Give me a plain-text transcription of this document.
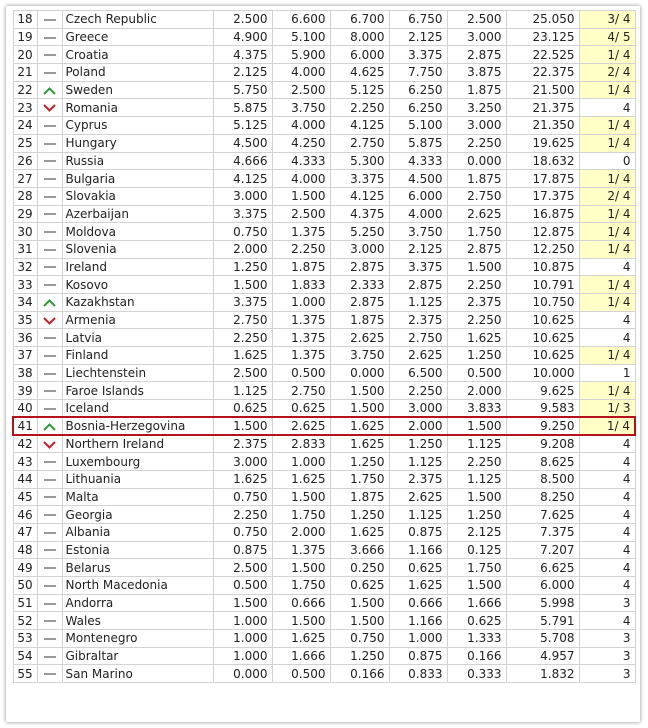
18		Czech Republic	2.500	6.600	6.700	6.750	2.500	25.050	3/ 4
19		Greece	4.900	5.100	8.000	2.125	3.000	23.125	4/ 5
20		Croatia	4.375	5.900	6.000	3.375	2.875	22.525	1/ 4
21		Poland	2.125	4.000	4.625	7.750	3.875	22.375	2/ 4
22		Sweden	5.750	2.500	5.125	6.250	1.875	21.500	1/ 4
23		Romania	5.875	3.750	2.250	6.250	3.250	21.375	4
24		Cyprus	5.125	4.000	4.125	5.100	3.000	21.350	1/ 4
25		Hungary	4.500	4.250	2.750	5.875	2.250	19.625	1/ 4
26		Russia	4.666	4.333	5.300	4.333	0.000	18.632	0
27		Bulgaria	4.125	4.000	3.375	4.500	1.875	17.875	1/ 4
28		Slovakia	3.000	1.500	4.125	6.000	2.750	17.375	2/ 4
29		Azerbaijan	3.375	2.500	4.375	4.000	2.625	16.875	1/ 4
30		Moldova	0.750	1.375	5.250	3.750	1.750	12.875	1/ 4
31		Slovenia	2.000	2.250	3.000	2.125	2.875	12.250	1/ 4
32		Ireland	1.250	1.875	2.875	3.375	1.500	10.875	4
33		Kosovo	1.500	1.833	2.333	2.875	2.250	10.791	1/ 4
34		Kazakhstan	3.375	1.000	2.875	1.125	2.375	10.750	1/ 4
35		Armenia	2.750	1.375	1.875	2.375	2.250	10.625	4
36		Latvia	2.250	1.375	2.625	2.750	1.625	10.625	4
37		Finland	1.625	1.375	3.750	2.625	1.250	10.625	1/ 4
38		Liechtenstein	2.500	0.500	0.000	6.500	0.500	10.000	1
39		Faroe Islands	1.125	2.750	1.500	2.250	2.000	9.625	1/ 4
40		Iceland	0.625	0.625	1.500	3.000	3.833	9.583	1/ 3
41		Bosnia-Herzegovina	1.500	2.625	1.625	2.000	1.500	9.250	1/ 4
42		Northern Ireland	2.375	2.833	1.625	1.250	1.125	9.208	4
43		Luxembourg	3.000	1.000	1.250	1.125	2.250	8.625	4
44		Lithuania	1.625	1.625	1.750	2.375	1.125	8.500	4
45		Malta	0.750	1.500	1.875	2.625	1.500	8.250	4
46		Georgia	2.250	1.750	1.250	1.125	1.250	7.625	4
47		Albania	0.750	2.000	1.625	0.875	2.125	7.375	4
48		Estonia	0.875	1.375	3.666	1.166	0.125	7.207	4
49		Belarus	2.500	1.500	0.250	0.625	1.750	6.625	4
50		North Macedonia	0.500	1.750	0.625	1.625	1.500	6.000	4
51		Andorra	1.500	0.666	1.500	0.666	1.666	5.998	3
52		Wales	1.000	1.500	1.500	1.166	0.625	5.791	4
53		Montenegro	1.000	1.625	0.750	1.000	1.333	5.708	3
54		Gibraltar	1.000	1.666	1.250	0.875	0.166	4.957	3
55		San Marino	0.000	0.500	0.166	0.833	0.333	1.832	3
